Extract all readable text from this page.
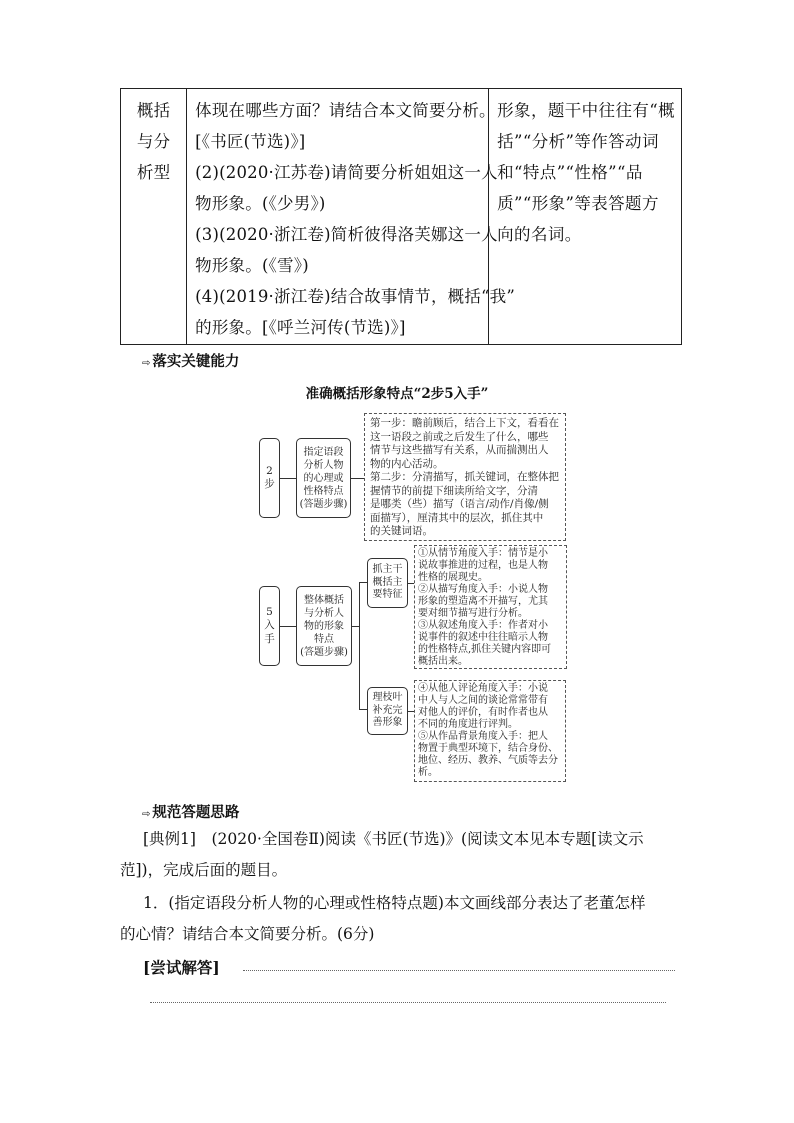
概括

与分

析型

体现在哪些方面？请结合本文简要分析。

[《书匠(节选)》]

(2)(2020·江苏卷)请简要分析姐姐这一人

物形象。(《少男》)

(3)(2020·浙江卷)简析彼得洛芙娜这一人

物形象。(《雪》)

(4)(2019·浙江卷)结合故事情节，概括“我”

的形象。[《呼兰河传(节选)》]

形象，题干中往往有“概

括”“分析”等作答动词

和“特点”“性格”“品

质”“形象”等表答题方

向的名词。

⇨ 落实关键能力
准确概括形象特点“2步5入手”
2
步
指定语段
分析人物
的心理或
性格特点
(答题步骤)

第一步：瞻前顾后，结合上下文，看看在

这一语段之前或之后发生了什么，哪些

情节与这些描写有关系，从而揣测出人

物的内心活动。

第二步：分清描写，抓关键词，在整体把

握情节的前提下细读所给文字，分清

是哪类（些）描写（语言/动作/肖像/侧

面描写），厘清其中的层次，抓住其中

的关键词语。

5
入
手
整体概括
与分析人
物的形象
特点
(答题步骤)
抓主干
概括主
要特征

①从情节角度入手：情节是小

说故事推进的过程，也是人物

性格的展现史。

②从描写角度入手：小说人物

形象的塑造离不开描写，尤其

要对细节描写进行分析。

③从叙述角度入手：作者对小

说事件的叙述中往往暗示人物

的性格特点,抓住关键内容即可

概括出来。

理枝叶
补充完
善形象

④从他人评论角度入手：小说

中人与人之间的谈论常常带有

对他人的评价，有时作者也从

不同的角度进行评判。

⑤从作品背景角度入手：把人

物置于典型环境下，结合身份、

地位、经历、教养、气质等去分

析。

⇨ 规范答题思路

[典例1]　(2020·全国卷Ⅱ)阅读《书匠(节选)》(阅读文本见本专题[读文示

范])，完成后面的题目。

1．(指定语段分析人物的心理或性格特点题)本文画线部分表达了老董怎样

的心情？请结合本文简要分析。(6分)

[尝试解答]
